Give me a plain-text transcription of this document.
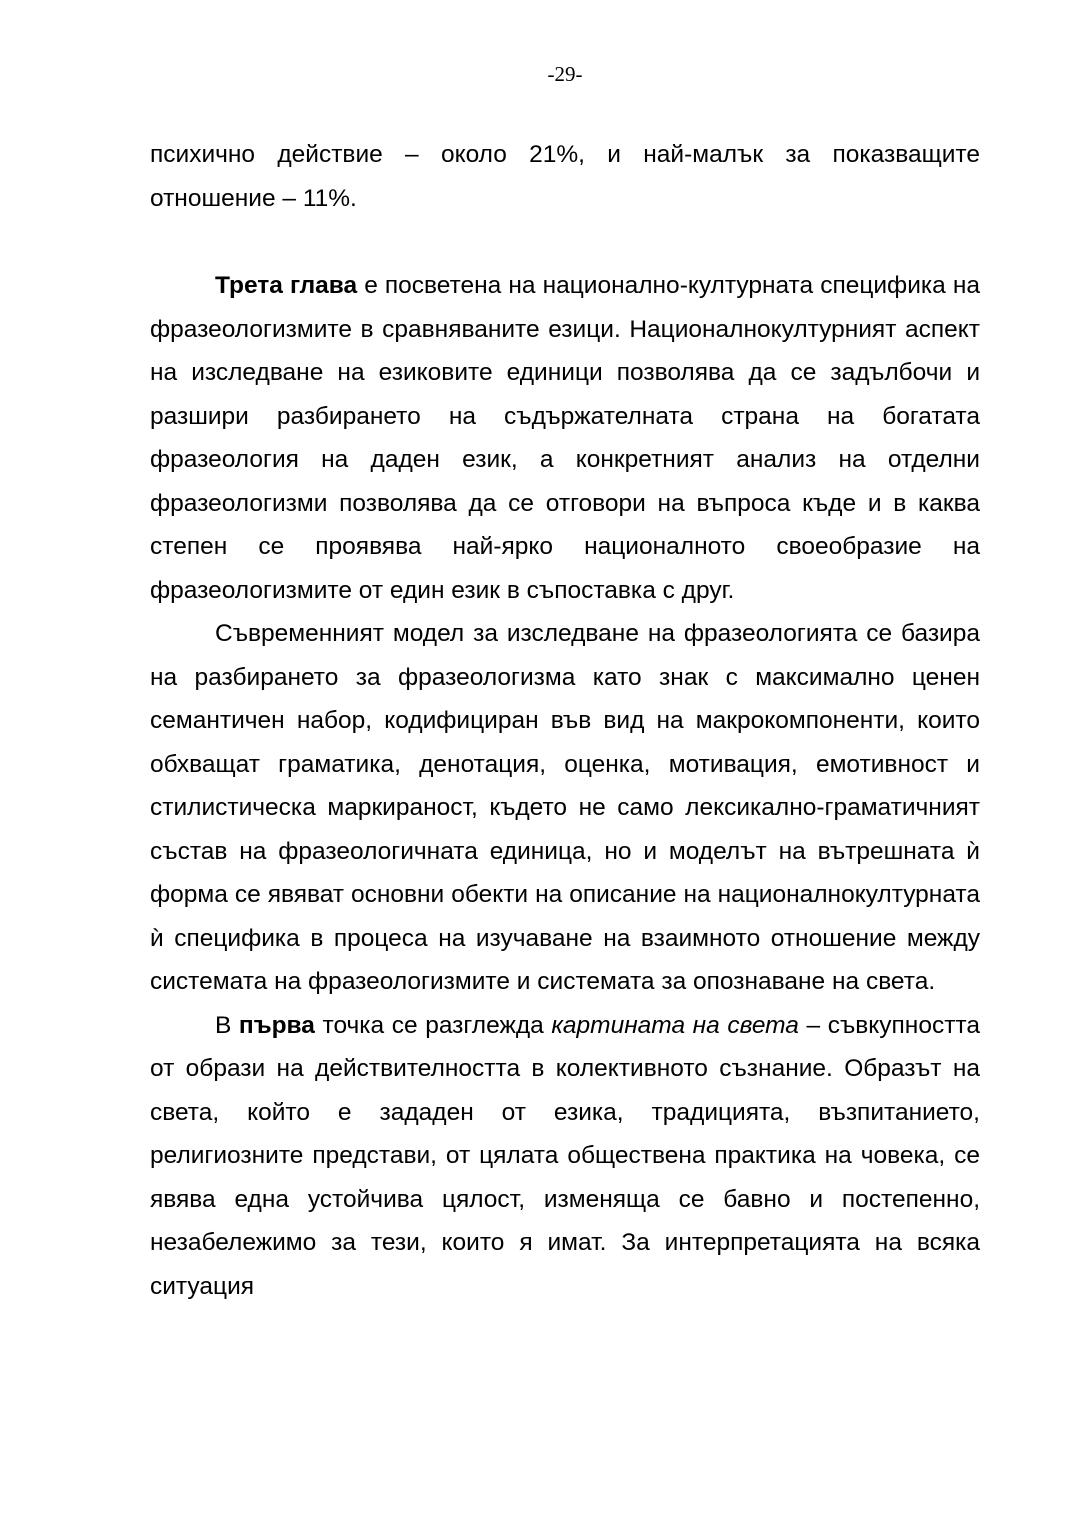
-29-

психично действие – около 21%, и най-малък за показващите отношение – 11%.

Трета глава е посветена на национално-културната специфика на фразеологизмите в сравняваните езици. Националнокултурният аспект на изследване на езиковите единици позволява да се задълбочи и разшири разбирането на съдържателната страна на богатата фразеология на даден език, а конкретният анализ на отделни фразеологизми позволява да се отговори на въпроса къде и в каква степен се проявява най-ярко националното своеобразие на фразеологизмите от един език в съпоставка с друг.

Съвременният модел за изследване на фразеологията се базира на разбирането за фразеологизма като знак с максимално ценен семантичен набор, кодифициран във вид на макрокомпоненти, които обхващат граматика, денотация, оценка, мотивация, емотивност и стилистическа маркираност, където не само лексикално-граматичният състав на фразеологичната единица, но и моделът на вътрешната ѝ форма се явяват основни обекти на описание на националнокултурната ѝ специфика в процеса на изучаване на взаимното отношение между системата на фразеологизмите и системата за опознаване на света.

В първа точка се разглежда картината на света – съвкупността от образи на действителността в колективното съзнание. Образът на света, който е зададен от езика, традицията, възпитанието, религиозните представи, от цялата обществена практика на човека, се явява една устойчива цялост, изменяща се бавно и постепенно, незабележимо за тези, които я имат. За интерпретацията на всяка ситуация
